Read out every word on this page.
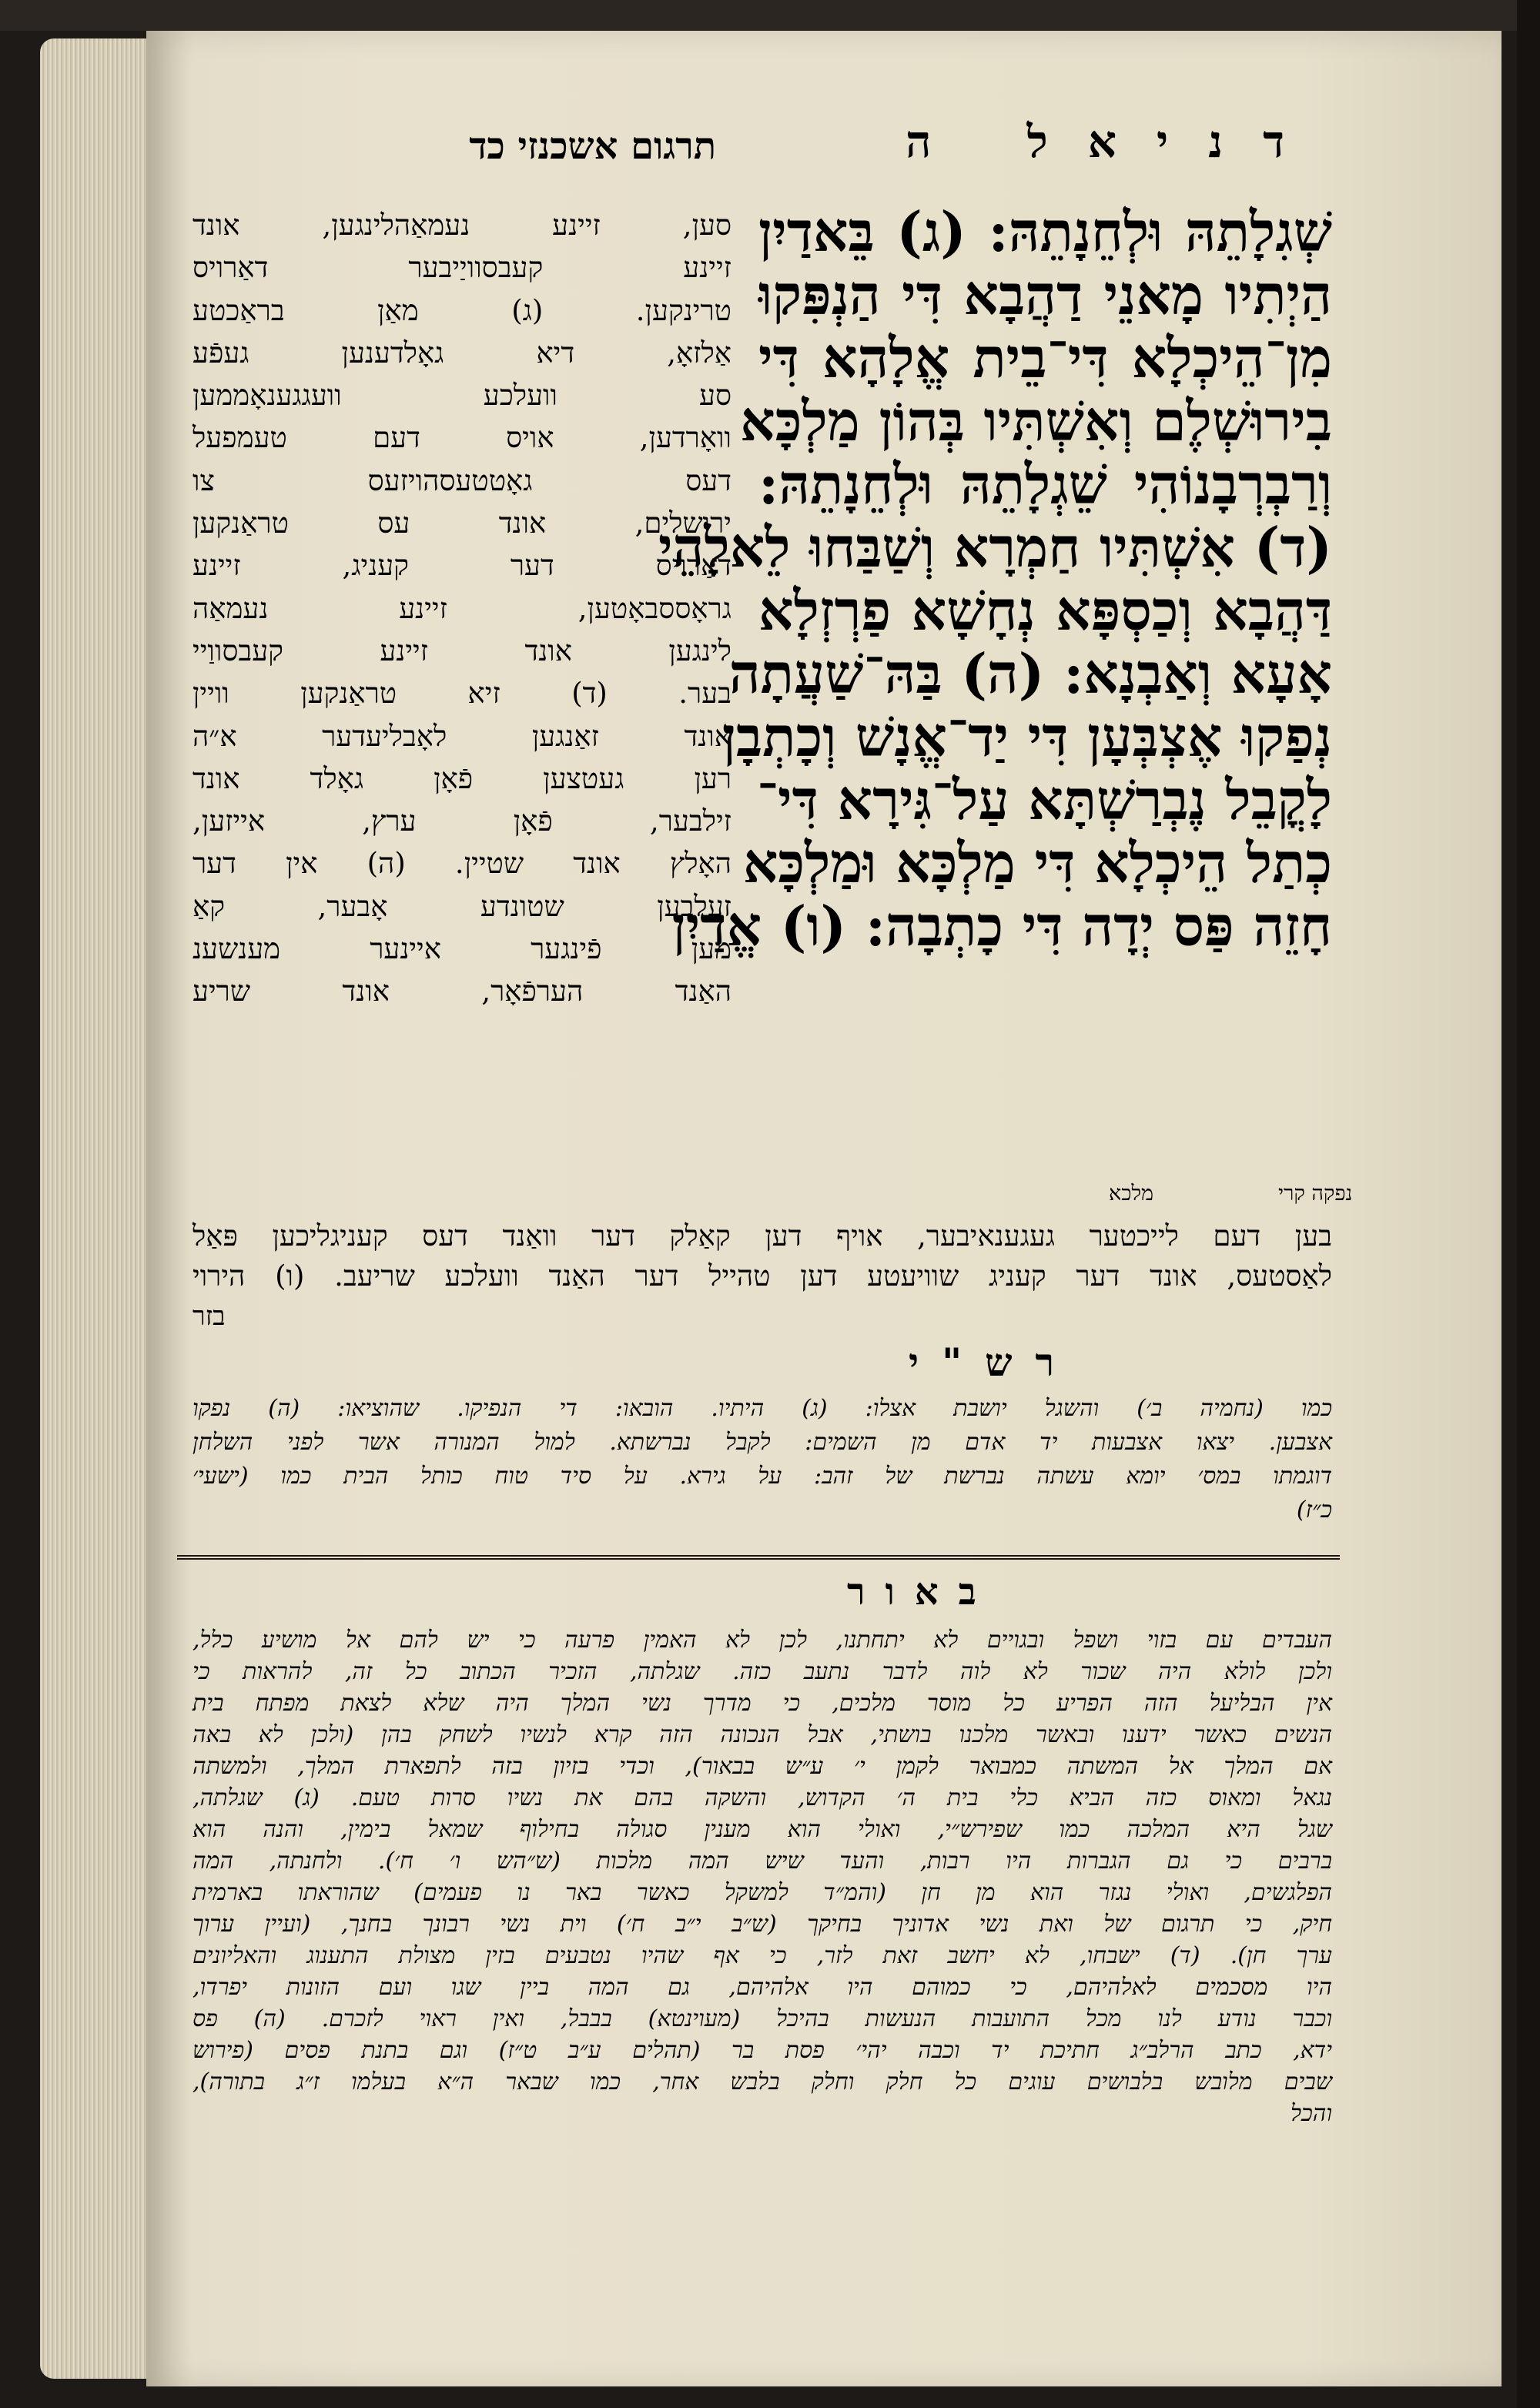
דניאל ה
תרגום אשכנזי כד
שְׁגִלָתֵהּ וּלְחֵנָתֵהּ: (ג) בֵּאדַיִן
הַיְתִיו מָאנֵי דַהֲבָא דִּי הַנְפִּקוּ
מִן־הֵיכְלָא דִּי־בֵית אֱלָהָא דִּי
בִירוּשְׁלֶם וְאִשְׁתִּיו בְּהוֹן מַלְכָּא
וְרַבְרְבָנוֹהִי שֵׁגְלָתֵהּ וּלְחֵנָתֵהּ:
(ד) אִשְׁתִּיו חַמְרָא וְשַׁבַּחוּ לֵאלָהֵי
דַּהֲבָא וְכַסְפָּא נְחָשָׁא פַרְזְלָא
אָעָא וְאַבְנָא: (ה) בַּהּ־שַׁעֲתָה
נְפַקוּ אֶצְבְּעָן דִּי יַד־אֱנָשׁ וְכָתְבָן
לָקֳבֵל נֶבְרַשְׁתָּא עַל־גִּירָא דִּי־
כְתַל הֵיכְלָא דִּי מַלְכָּא וּמַלְכָּא
חָזֵה פַּס יְדָה דִּי כָתְבָה: (ו) אֱדַיִן
נפקה קרי
מלכא
סען, זיינע נעמאַהלינגען, אונד
זיינע קעבסוויַיבער דאַרויס
טרינקען. (ג) מאַן בראַכטע
אַלזאָ, דיא גאָלדענען געפֿע
סע וועלכע וועגגענאָממען
וואָרדען, אויס דעם טעמפעל
דעס גאָטטעסהויזעס צו
ירושלים, אונד עס טראַנקען
דאַרויס דער קעניג, זיינע
גראָססבאָטען, זיינע נעמאַה
לינגען אונד זיינע קעבסווַיי
בער. (ד) זיא טראַנקען וויין
אונד זאַנגען לאָבליעדער א״ה
רען געטצען פֿאָן גאָלד אונד
זילבער, פֿאָן ערץ, אייזען,
האָלץ אונד שטיין. (ה) אין דער
זעלבען שטונדע אָבער, קאַ
מען פֿינגער איינער מענשענ
האַנד הערפֿאָר, אונד שריע
בען דעם לייכטער געגענאיבער, אויף דען קאַלק דער וואַנד דעס קעניגליכען פּאַל
לאַסטעס, אונד דער קעניג שוויעטע דען טהייל דער האַנד וועלכע שריעב. (ו) הירוי
בזר
רש"י
כמו (נחמיה ב׳) והשגל יושבת אצלו: (ג) היתיו. הובאו: די הנפיקו. שהוציאו: (ה) נפקו
אצבען. יצאו אצבעות יד אדם מן השמים: לקבל נברשתא. למול המנורה אשר לפני השלחן
דוגמתו במס׳ יומא עשתה נברשת של זהב: על גירא. על סיד טוח כותל הבית כמו (ישעי׳
כ״ז)
באור
העבדים עם בזוי ושפל ובגויים לא יתחתנו, לכן לא האמין פרעה כי יש להם אל מושיע כלל,
ולכן לולא היה שכור לא לוה לדבר נתעב כזה. שגלתה, הזכיר הכתוב כל זה, להראות כי
אין הבליעל הזה הפריע כל מוסר מלכים, כי מדרך נשי המלך היה שלא לצאת מפתח בית
הנשים כאשר ידענו ובאשר מלכנו בושתי, אבל הנכונה הזה קרא לנשיו לשחק בהן (ולכן לא באה
אם המלך אל המשתה כמבואר לקמן י׳ ע״ש בבאור), וכדי בזיון בזה לתפארת המלך, ולמשתה
נגאל ומאוס כזה הביא כלי בית ה׳ הקדוש, והשקה בהם את נשיו סרות טעם. (ג) שגלתה,
שגל היא המלכה כמו שפירש״י, ואולי הוא מענין סגולה בחילוף שמאל בימין, והנה הוא
ברבים כי גם הגברות היו רבות, והעד שיש המה מלכות (ש״הש ו׳ ח׳). ולחנתה, המה
הפלגשים, ואולי נגזר הוא מן חן (והמ״ד למשקל כאשר באר נו פעמים) שהוראתו בארמית
חיק, כי תרגום של ואת נשי אדוניך בחיקך (ש״ב י״ב ח׳) וית נשי רבונך בחנך, (ועיין ערוך
ערך חן). (ד) ישבחו, לא יחשב זאת לזר, כי אף שהיו נטבעים בזין מצולת התענוג והאליונים
היו מסכמים לאלהיהם, כי כמוהם היו אלהיהם, גם המה ביין שגו ועם הזונות יפרדו,
וכבר נודע לנו מכל התועבות הנעשות בהיכל (מעוינטא) בבבל, ואין ראוי לזכרם. (ה) פס
ידא, כתב הרלב״ג חתיכת יד וכבה יהי׳ פסת בר (תהלים ע״ב ט״ז) וגם בתנת פסים (פירוש
שבים מלובש בלבושים עוגים כל חלק וחלק בלבש אחר, כמו שבאר ה״א בעלמו ז״ג בתורה),
והכל
